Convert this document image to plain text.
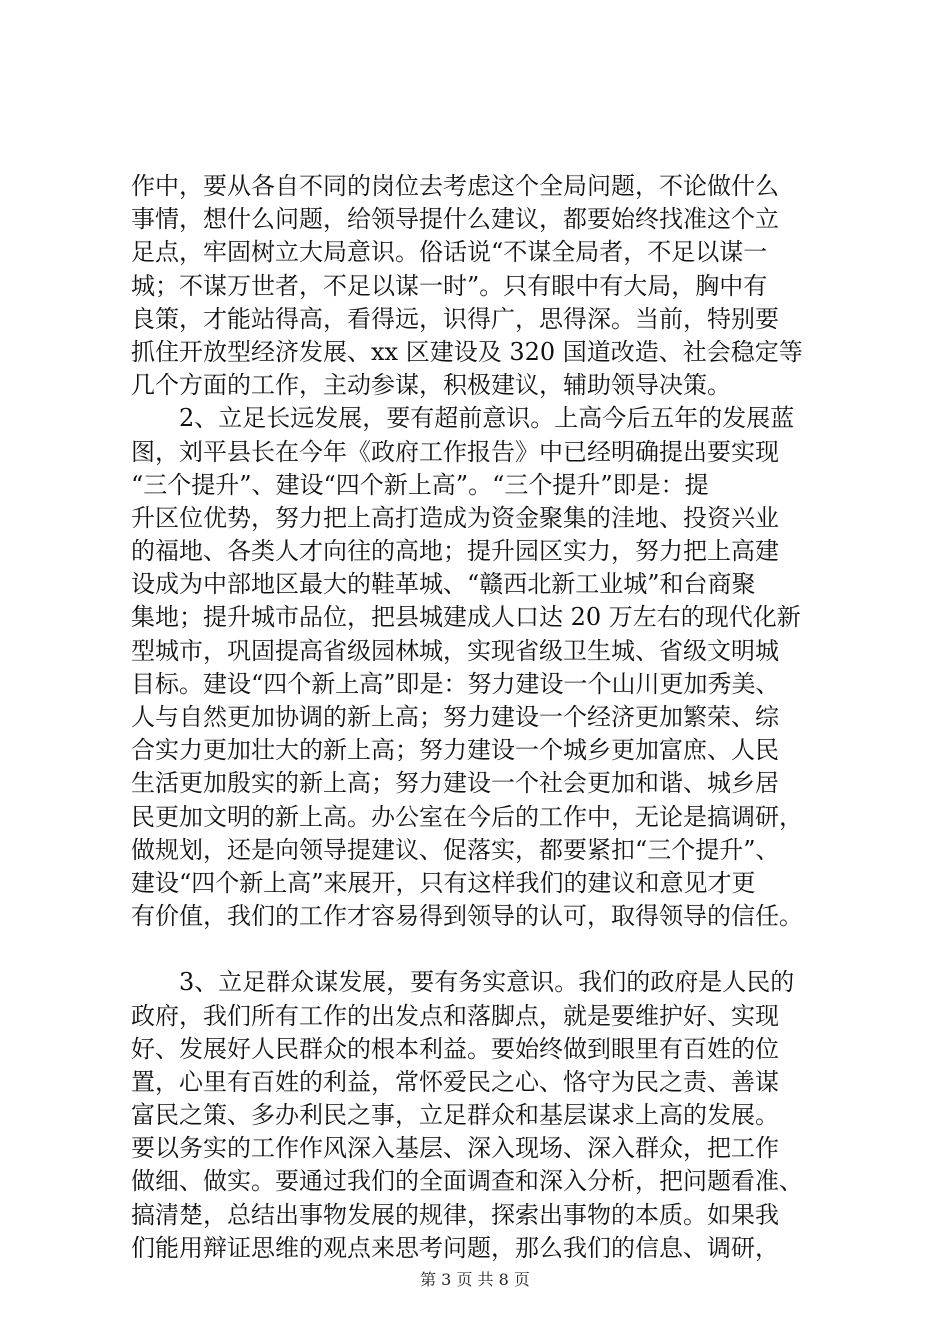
作中，要从各自不同的岗位去考虑这个全局问题，不论做什么
事情，想什么问题，给领导提什么建议，都要始终找准这个立
足点，牢固树立大局意识。俗话说“不谋全局者，不足以谋一
城；不谋万世者，不足以谋一时”。只有眼中有大局，胸中有
良策，才能站得高，看得远，识得广，思得深。当前，特别要
抓住开放型经济发展、xx 区建设及 320 国道改造、社会稳定等
几个方面的工作，主动参谋，积极建议，辅助领导决策。
2、立足长远发展，要有超前意识。上高今后五年的发展蓝
图，刘平县长在今年《政府工作报告》中已经明确提出要实现
“三个提升”、建设“四个新上高”。“三个提升”即是：提
升区位优势，努力把上高打造成为资金聚集的洼地、投资兴业
的福地、各类人才向往的高地；提升园区实力，努力把上高建
设成为中部地区最大的鞋革城、“赣西北新工业城”和台商聚
集地；提升城市品位，把县城建成人口达 20 万左右的现代化新
型城市，巩固提高省级园林城，实现省级卫生城、省级文明城
目标。建设“四个新上高”即是：努力建设一个山川更加秀美、
人与自然更加协调的新上高；努力建设一个经济更加繁荣、综
合实力更加壮大的新上高；努力建设一个城乡更加富庶、人民
生活更加殷实的新上高；努力建设一个社会更加和谐、城乡居
民更加文明的新上高。办公室在今后的工作中，无论是搞调研，
做规划，还是向领导提建议、促落实，都要紧扣“三个提升”、
建设“四个新上高”来展开，只有这样我们的建议和意见才更
有价值，我们的工作才容易得到领导的认可，取得领导的信任。
3、立足群众谋发展，要有务实意识。我们的政府是人民的
政府，我们所有工作的出发点和落脚点，就是要维护好、实现
好、发展好人民群众的根本利益。要始终做到眼里有百姓的位
置，心里有百姓的利益，常怀爱民之心、恪守为民之责、善谋
富民之策、多办利民之事，立足群众和基层谋求上高的发展。
要以务实的工作作风深入基层、深入现场、深入群众，把工作
做细、做实。要通过我们的全面调查和深入分析，把问题看准、
搞清楚，总结出事物发展的规律，探索出事物的本质。如果我
们能用辩证思维的观点来思考问题，那么我们的信息、调研，
第 3 页 共 8 页
